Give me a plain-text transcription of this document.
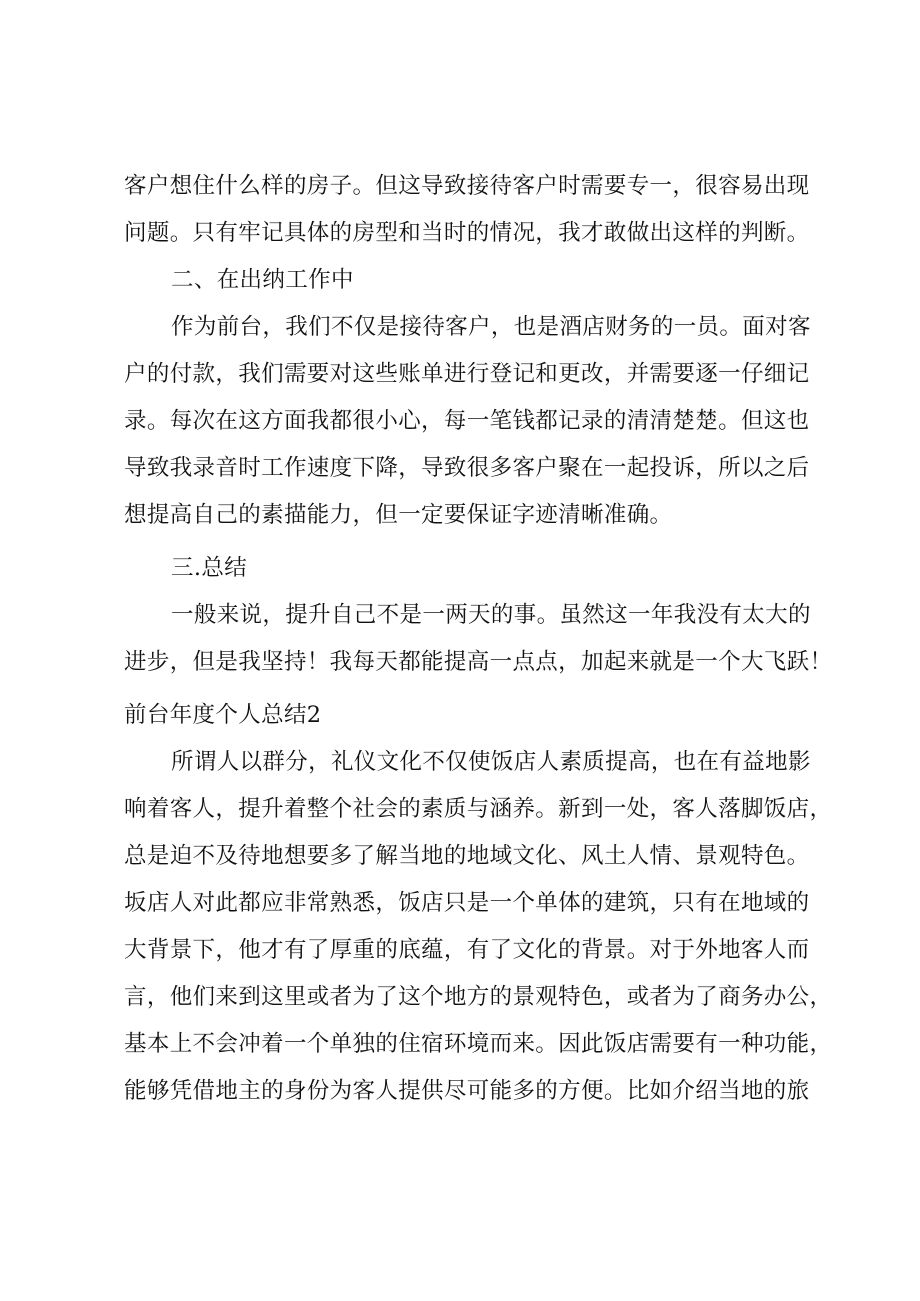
客户想住什么样的房子。但这导致接待客户时需要专一，很容易出现
问题。只有牢记具体的房型和当时的情况，我才敢做出这样的判断。
二、在出纳工作中
作为前台，我们不仅是接待客户，也是酒店财务的一员。面对客
户的付款，我们需要对这些账单进行登记和更改，并需要逐一仔细记
录。每次在这方面我都很小心，每一笔钱都记录的清清楚楚。但这也
导致我录音时工作速度下降，导致很多客户聚在一起投诉，所以之后
想提高自己的素描能力，但一定要保证字迹清晰准确。
三.总结
一般来说，提升自己不是一两天的事。虽然这一年我没有太大的
进步，但是我坚持！我每天都能提高一点点，加起来就是一个大飞跃！
前台年度个人总结2
所谓人以群分，礼仪文化不仅使饭店人素质提高，也在有益地影
响着客人，提升着整个社会的素质与涵养。新到一处，客人落脚饭店，
总是迫不及待地想要多了解当地的地域文化、风土人情、景观特色。
坂店人对此都应非常熟悉，饭店只是一个单体的建筑，只有在地域的
大背景下，他才有了厚重的底蕴，有了文化的背景。对于外地客人而
言，他们来到这里或者为了这个地方的景观特色，或者为了商务办公，
基本上不会冲着一个单独的住宿环境而来。因此饭店需要有一种功能，
能够凭借地主的身份为客人提供尽可能多的方便。比如介绍当地的旅
